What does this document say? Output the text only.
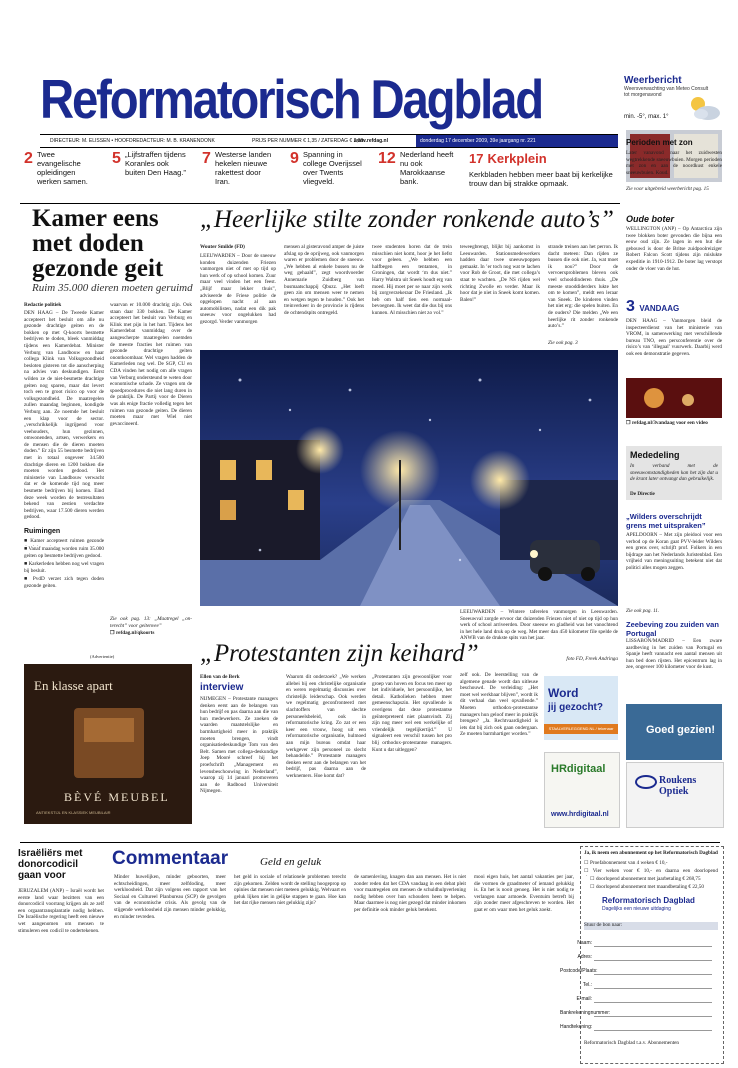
Reformatorisch Dagblad	Weerbericht
Weersverwachting van Meteo Consult
tot morgenavond
min. -5°, max. 1°
DIRECTEUR: M. ELISSEN • HOOFDREDACTEUR: M. B. KRANENDONK	PRIJS PER NUMMER € 1,35 / ZATERDAG € 2,30
www.refdag.nl	donderdag 17 december 2009, 39e jaargang nr. 221
2 Twee evangelische opleidingen werken samen.
5 „Lijfstraffen tijdens Koranles ook buiten Den Haag.”
7 Westerse landen hekelen nieuwe rakettest door Iran.
9 Spanning in college Overijssel over Twents vliegveld.
12 Nederland heeft nu ook Marokkaanse bank.
17 Kerkplein
Kerkbladen hebben meer baat bij kerkelijke trouw dan bij strakke opmaak.
Perioden met zon
Later vanavond naar het zuidwesten wegtrekkende sneeuwbuien. Morgen perioden met zon en aan de noordkust enkele sneeuwbuien. Koud.
Zie voor uitgebreid weerbericht pag. 15
Kamer eens met doden gezonde geit
Ruim 35.000 dieren moeten geruimd
Redactie politiek
DEN HAAG – De Tweede Kamer accepteert het besluit om alle nu gezonde drachtige geiten en de bokken op met Q-koorts besmette bedrijven te doden, bleek vanmiddag tijdens een Kamerdebat. Minister Verburg van Landbouw en haar collega Klink van Volksgezondheid besloten gisteren tot die aanscherping na advies van deskundigen. Eerst wilden ze de niet-besmette drachtige geiten nog sparen, maar dat levert toch een te groot risico op voor de volksgezondheid. De maatregelen zullen maandag beginnen, kondigde Verburg aan. Ze noemde het besluit een klap voor de sector. „verschrikkelijk ingrijpend voor veehouders, hun gezinnen, omwonenden, artsen, verwerkers en de mensen die de dieren moeten doden.” Er zijn 55 besmette bedrijven met in totaal ongeveer 34.500 drachtige dieren en 1200 bokken die moeten worden gedood. Het ministerie van Landbouw verwacht dat er de komende tijd nog meer besmette bedrijven bij komen. Eind deze week worden de testresultaten bekend van zestien verdachte bedrijven, waar 17.500 dieren werden gedood.
Ruimingen
■ Kamer accepteert ruimen gezonde
■ Vanaf maandag worden ruim 35.000 geiten op besmette bedrijven gedood.
■ Karkerleden hebben nog wel vragen bij besluit.
■ PvdD verzet zich tegen doden gezonde geiten.
waarvan er 10.000 drachtig zijn. Ook staan daar 330 bokken. De Kamer accepteert het besluit van Verburg en Klink met pijn in het hart. Tijdens het Kamerdebat vanmiddag over de aangescherpte maatregelen noemden de meeste fracties het ruimen van gezonde drachtige geiten onontkoombaar. Wel vragen hadden de Kamerleden nog wel. De SGP, CU en CDA vinden het nodig om alle vragen van Verburg ondersteund te weten door economische schade. Ze vragen om de spoedprocedures die niet lang duren in de praktijk. De Partij voor de Dieren was als enige fractie volledig tegen het ruimen van gezonde geiten. De dieren moeten maar met Wiel niet gevaccineerd.
Zie ook pag. 13: „Maatregel „onterecht” voor geitenvee”
❐ refdag.nl/qkoorts
„Heerlijke stilte zonder ronkende auto’s”
Wouter Smilde (FD)
LEEUWARDEN – Door de sneeuw konden duizenden Friezen vanmorgen niet of met op tijd op hun werk of op school komen. Zuur maar veel vinden het een feest. „Blijf maar lekker thuis”, adviseerde de Friese politie de opgelopen nacht al aan automobilisten, nadat een dik pak sneeuw voor ongelukken had gezorgd. Verder vanmorgen
mensen al gisteravond amper de juiste afslag op de oprijweg, ook vanmorgen waren er problemen door de sneeuw. „We hebben al enkele bussen nu de weg gehaald”, zegt woordvoerder Annemarie Zuidberg van busmaatschappij Qbuzz. „Het loeft geen zin om mensen weer te nemen en wetgen tegen te houden.” Ook het treinverkeer in de provincie is rijdens de ochtendspits ontregeld.
twee studenten horen dat de trein misschien niet komt, hoor je het liefst voor geleen. „We hebben een halfbegen een tentamen, in Groningen, dat wordt ‘m dus niet.” Harry Walstra uit Sneek houdt erg van moed. Hij moet per se naar zijn werk bij zorgverzekeraar De Friesland. „Ik heb om half tien een normaalbevoegnen. Ik weet dat die dus bij ons kunnen. Al misschien niet zo vol.”
teweegbrengt, blijkt bij aankomst in Leeuwarden. Stationsmedewerkers hadden daar twee sneeuwpoppen gemaakt. In ’er toch nog wat te lachen voor Rob de Groot, die met collega’s staat te wachten. „De NS rijden wel richting Zwolle en verder. Maar ik hoor dat je niet in Sneek komt komen. Balen!”
strande treinen aan het perron. Ik dacht meteen: Dan rijden ze bussen die ook niet. Ja, wat moet ik nou?” Door de vervoersproblemen bleven ook veel schooldinderen thuis. „De meeste stooddiderders lukte het om te komen”, meldt een leraar van Sneek. De kinderen vinden het niet erg: die spelen buiten. En de ouders? Die melden „We een heerlijke rit zonder ronkende auto’s.”
Zie ook pag. 3
LEEUWARDEN – Wintere taferelen vanmorgen in Leeuwarden. Sneeuwval zorgde ervoor dat duizenden Friezen niet of niet op tijd op hun werk of school arriveerden. Door sneeuw en gladheid was het vanochtend in het hele land druk op de weg. Met meer dan 450 kilometer file spelde de ANWB van de drukste spits van het jaar.
foto FD, Freek Andringa
(Advertentie)
En klasse apart
BÈVÉ MEUBEL
ANTIEKSTIJL EN KLASSIEK MEUBILAIR
„Protestanten zijn keihard”
Ellen van de Berk
interview
NIJMEGEN – Protestante managers denken eerst aan de belangen van hun bedrijf en pas daarna aan die van hun medewerkers. Ze zoeken de waarden maatstelslijke en barmhartigheid meer in praktijk moeten brengen, vindt organisatiedeskundige Tom van den Belt. Samen met collega-deskundige Joep Mooré schreef hij het proefschrift „Management en levensbeschouwing in Nederland”, waarop zij 14 januari promoveren aan de Radboud Universiteit Nijmegen.
Waarom dit onderzoek? „We werken allebei bij een christelijke organisatie en weren regelmatig discussies over christelijk leiderschap. Ook werden we regelmatig geconfronteerd met slachtoffers van slechte personeelsbeleid, ook in reformatorische kring. Zo zat er een keer een vrouw, hoog uit een reformatorische organisatie, hulmoed aan mijn bureau omdat haar werkgever zijn personeel zo slecht behandelde.” Protestante managers denken eerst aan de belangen van het bedrijf, pas daarna aan de werknemers. Hoe komt dat?
„Protestanten zijn gewoonlijker voor groep van hoven en focus ten meer op het individuele, het persoonlijke, het detail. Katholieken hebben meer gemeenschapszin. Het opvallende is overigens dat deze protestantse geïnterpreteerd niet plaatsvindt. Zij zijn nog meer wel een werkelijke of vriendelijk tegelijkertijd.” U signaleert een verschil tussen het pro blij orthodox-protestantse managers. Kunt u dat uitleggen?
zelf ook. De leerstelling van de algemene genade wordt dan uitleuse beschouwd. De verleiding: „Het moet wel werkbaar blijven”, wordt ik dit verhaal dan veel opvallende.” Moeten orthodox-protestantse managers hun geloof meer in praktijk brengen? „Ja. Rechtvaardigheid is iets dat bij zich ook gaan ondergaan. Ze moeten barmhartiger worden.”
Word
jij gezocht?
STAALVERLEGGEND.NL / tekenaar
HRdigitaal
www.hrdigitaal.nl
Oude boter
WELLINGTON (ANP) – Op Antarctica zijn twee blokken boter gevonden die bijna een eeuw oud zijn. Ze lagen in een hut die gebouwd is door de Britse zuidpoolreiziger Robert Falcon Scott tijdens zijn mislukte expeditie in 1910-1912. De boter lag verstopt onder de vloer van de hut.
3 VANDAAG
DEN HAAG – Vanmorgen bleid de inspecteerdienst van het ministerie van VROM, in samenwerking met verschillende bureau TNO, een persconferentie over de risico’s van ‘illegaal’ vuurwerk. Daarbij werd ook een demonstratie gegeven.
❐ refdag.nl/3vandaag voor een video
Mededeling
In verband met de sneeuwomstandigheden kan het zijn dat u de krant later ontvangt dan gebruikelijk.
De Directie
„Wilders overschrijdt grens met uitspraken”
APELDOORN – Met zijn pleidooi voor een verbod op de Koran gaat PVV-leider Wilders een grens over, schrijft prof. Folkers in een bijdrage aan het Nederlands Juristenblad. Een vrijheid van meningsuiting betekent niet dat politici alles mogen zeggen.
Zie ook pag. 11.
Zeebeving zou zuiden van Portugal
LISSABON/MADRID – Een zware aardbeving in het zuiden van Portugal en Spanje heeft vannacht een aantal mensen uit hun bed doen rijsten. Het epicentrum lag in zee, ongeveer 100 kilometer voor de kust.
Goed gezien!
Roukens Optiek
Israëliërs met donorcodicil gaan voor
JERUZALEM (ANP) – Israël wordt het eerste land waar bezitters van een donorcodicil voorrang krijgen als ze zelf een orgaantransplantatie nodig hebben. De Israëlische regering heeft een nieuwe wet aangenomen om mensen te stimuleren een codicil te ondertekenen.
Commentaar	Geld en geluk
Minder huwelijken, minder geboorten, meer echtscheidingen, meer zelfdoding, meer werkloosheid. Dat zijn volgens een rapport van het Sociaal en Cultureel Planbureau (SCP) de gevolgen van de economische crisis. Als gevolg van de stijgende werkloosheid zijn mensen minder gelukkig, en minder tevreden.
het geld in sociale of relationele problemen terecht zijn gekomen. Zelden wordt de stelling hoogeprop op opinies dat mensen niet meteen gelukkig. Welvaart en geluk lijken niet in gelijke stappen te gaan. Hoe kan het dat rijke mensen niet gelukkig zijn?
de samenleving, knagen dan aan mensen. Het is niet zonder reden dat het CDA vandaag in een debat pleit voor maatregelen om mensen de schuldhulpverlening nodig hebben over hun schouders heen te helpen. Maar daarmee is nog niet gezegd dat minder inkomen per definitie ook minder geluk betekent.
mooi eigen huis, het aantal vakanties per jaar, die vormen de graadmeter of iemand gelukkig is. En het is nooit genoeg. Het is niet nodig te verlangen naar armoede. Eventuim betreft bij zijn zonder meer afgeschreven te worden. Het gaat er om waar men het geluk zoekt.
Ja, ik neem een abonnement op het Reformatorisch Dagblad
☐ Proefabonnement van 4 weken € 10,-
☐ Vier weken voor € 10,- en daarna een doorlopend
☐ doorlopend abonnement met jaarbetaling € 268,75
☐ doorlopend abonnement met maandbetaling € 22,50
Reformatorisch Dagblad
Dagelijks een nieuwe uitdaging
Stuur de bon naar:
Naam:
Adres:
Postcode/Plaats:
Tel.:
E-mail:
Bankrekeningnummer:
Handtekening:
Reformatorisch Dagblad t.a.v. Abonnementen
